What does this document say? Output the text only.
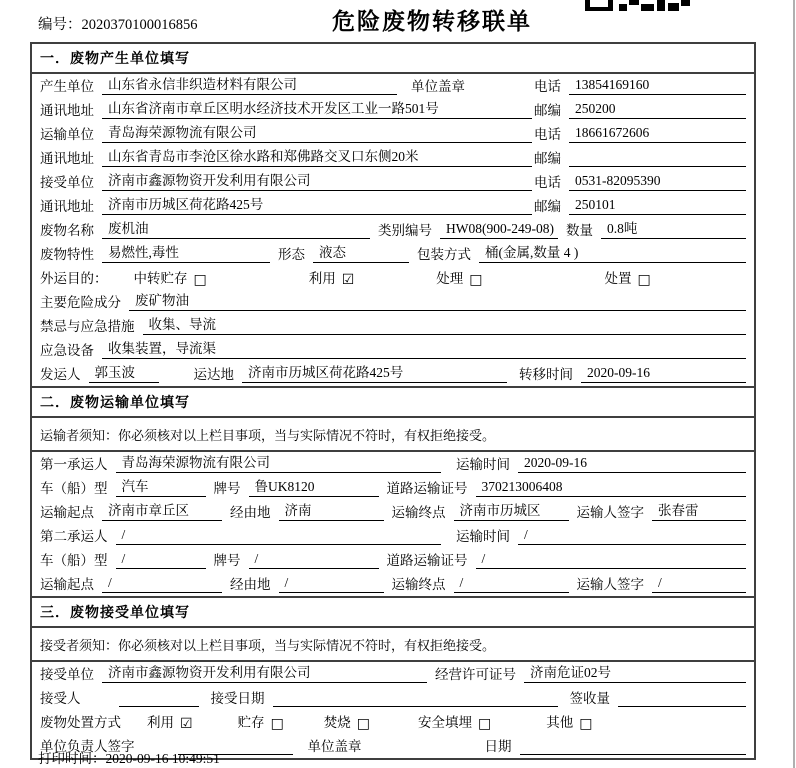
编号：2020370100016856	危险废物转移联单
一．废物产生单位填写
产生单位	山东省永信非织造材料有限公司	单位盖章	电话	13854169160
通讯地址	山东省济南市章丘区明水经济技术开发区工业一路501号	邮编	250200
运输单位	青岛海荣源物流有限公司	电话	18661672606
通讯地址	山东省青岛市李沧区徐水路和郑佛路交叉口东侧20米	邮编
接受单位	济南市鑫源物资开发利用有限公司	电话	0531-82095390
通讯地址	济南市历城区荷花路425号	邮编	250101
废物名称	废机油	类别编号	HW08(900-249-08) 数量	0.8吨
废物特性	易燃性,毒性	形态	液态	包装方式	桶(金属,数量 4 )
外运目的： 中转贮存 □	利用 ☑	处理 □	处置 □
主要危险成分	废矿物油
禁忌与应急措施	收集、导流
应急设备	收集装置，导流渠
发运人	郭玉波	运达地	济南市历城区荷花路425号	转移时间	2020-09-16
二．废物运输单位填写
运输者须知：你必须核对以上栏目事项，当与实际情况不符时，有权拒绝接受。
第一承运人	青岛海荣源物流有限公司	运输时间	2020-09-16
车（船）型	汽车	牌号	鲁UK8120	道路运输证号	370213006408
运输起点	济南市章丘区	经由地	济南	运输终点	济南市历城区	运输人签字	张春雷
第二承运人	/	运输时间	/
车（船）型	/	牌号	/	道路运输证号	/
运输起点	/	经由地	/	运输终点	/	运输人签字	/
三．废物接受单位填写
接受者须知：你必须核对以上栏目事项，当与实际情况不符时，有权拒绝接受。
接受单位	济南市鑫源物资开发利用有限公司	经营许可证号	济南危证02号
接受人	接受日期	签收量
废物处置方式 利用 ☑	贮存 □	焚烧 □	安全填埋 □	其他 □
单位负责人签字	单位盖章	日期
打印时间：2020-09-16 10:49:51
